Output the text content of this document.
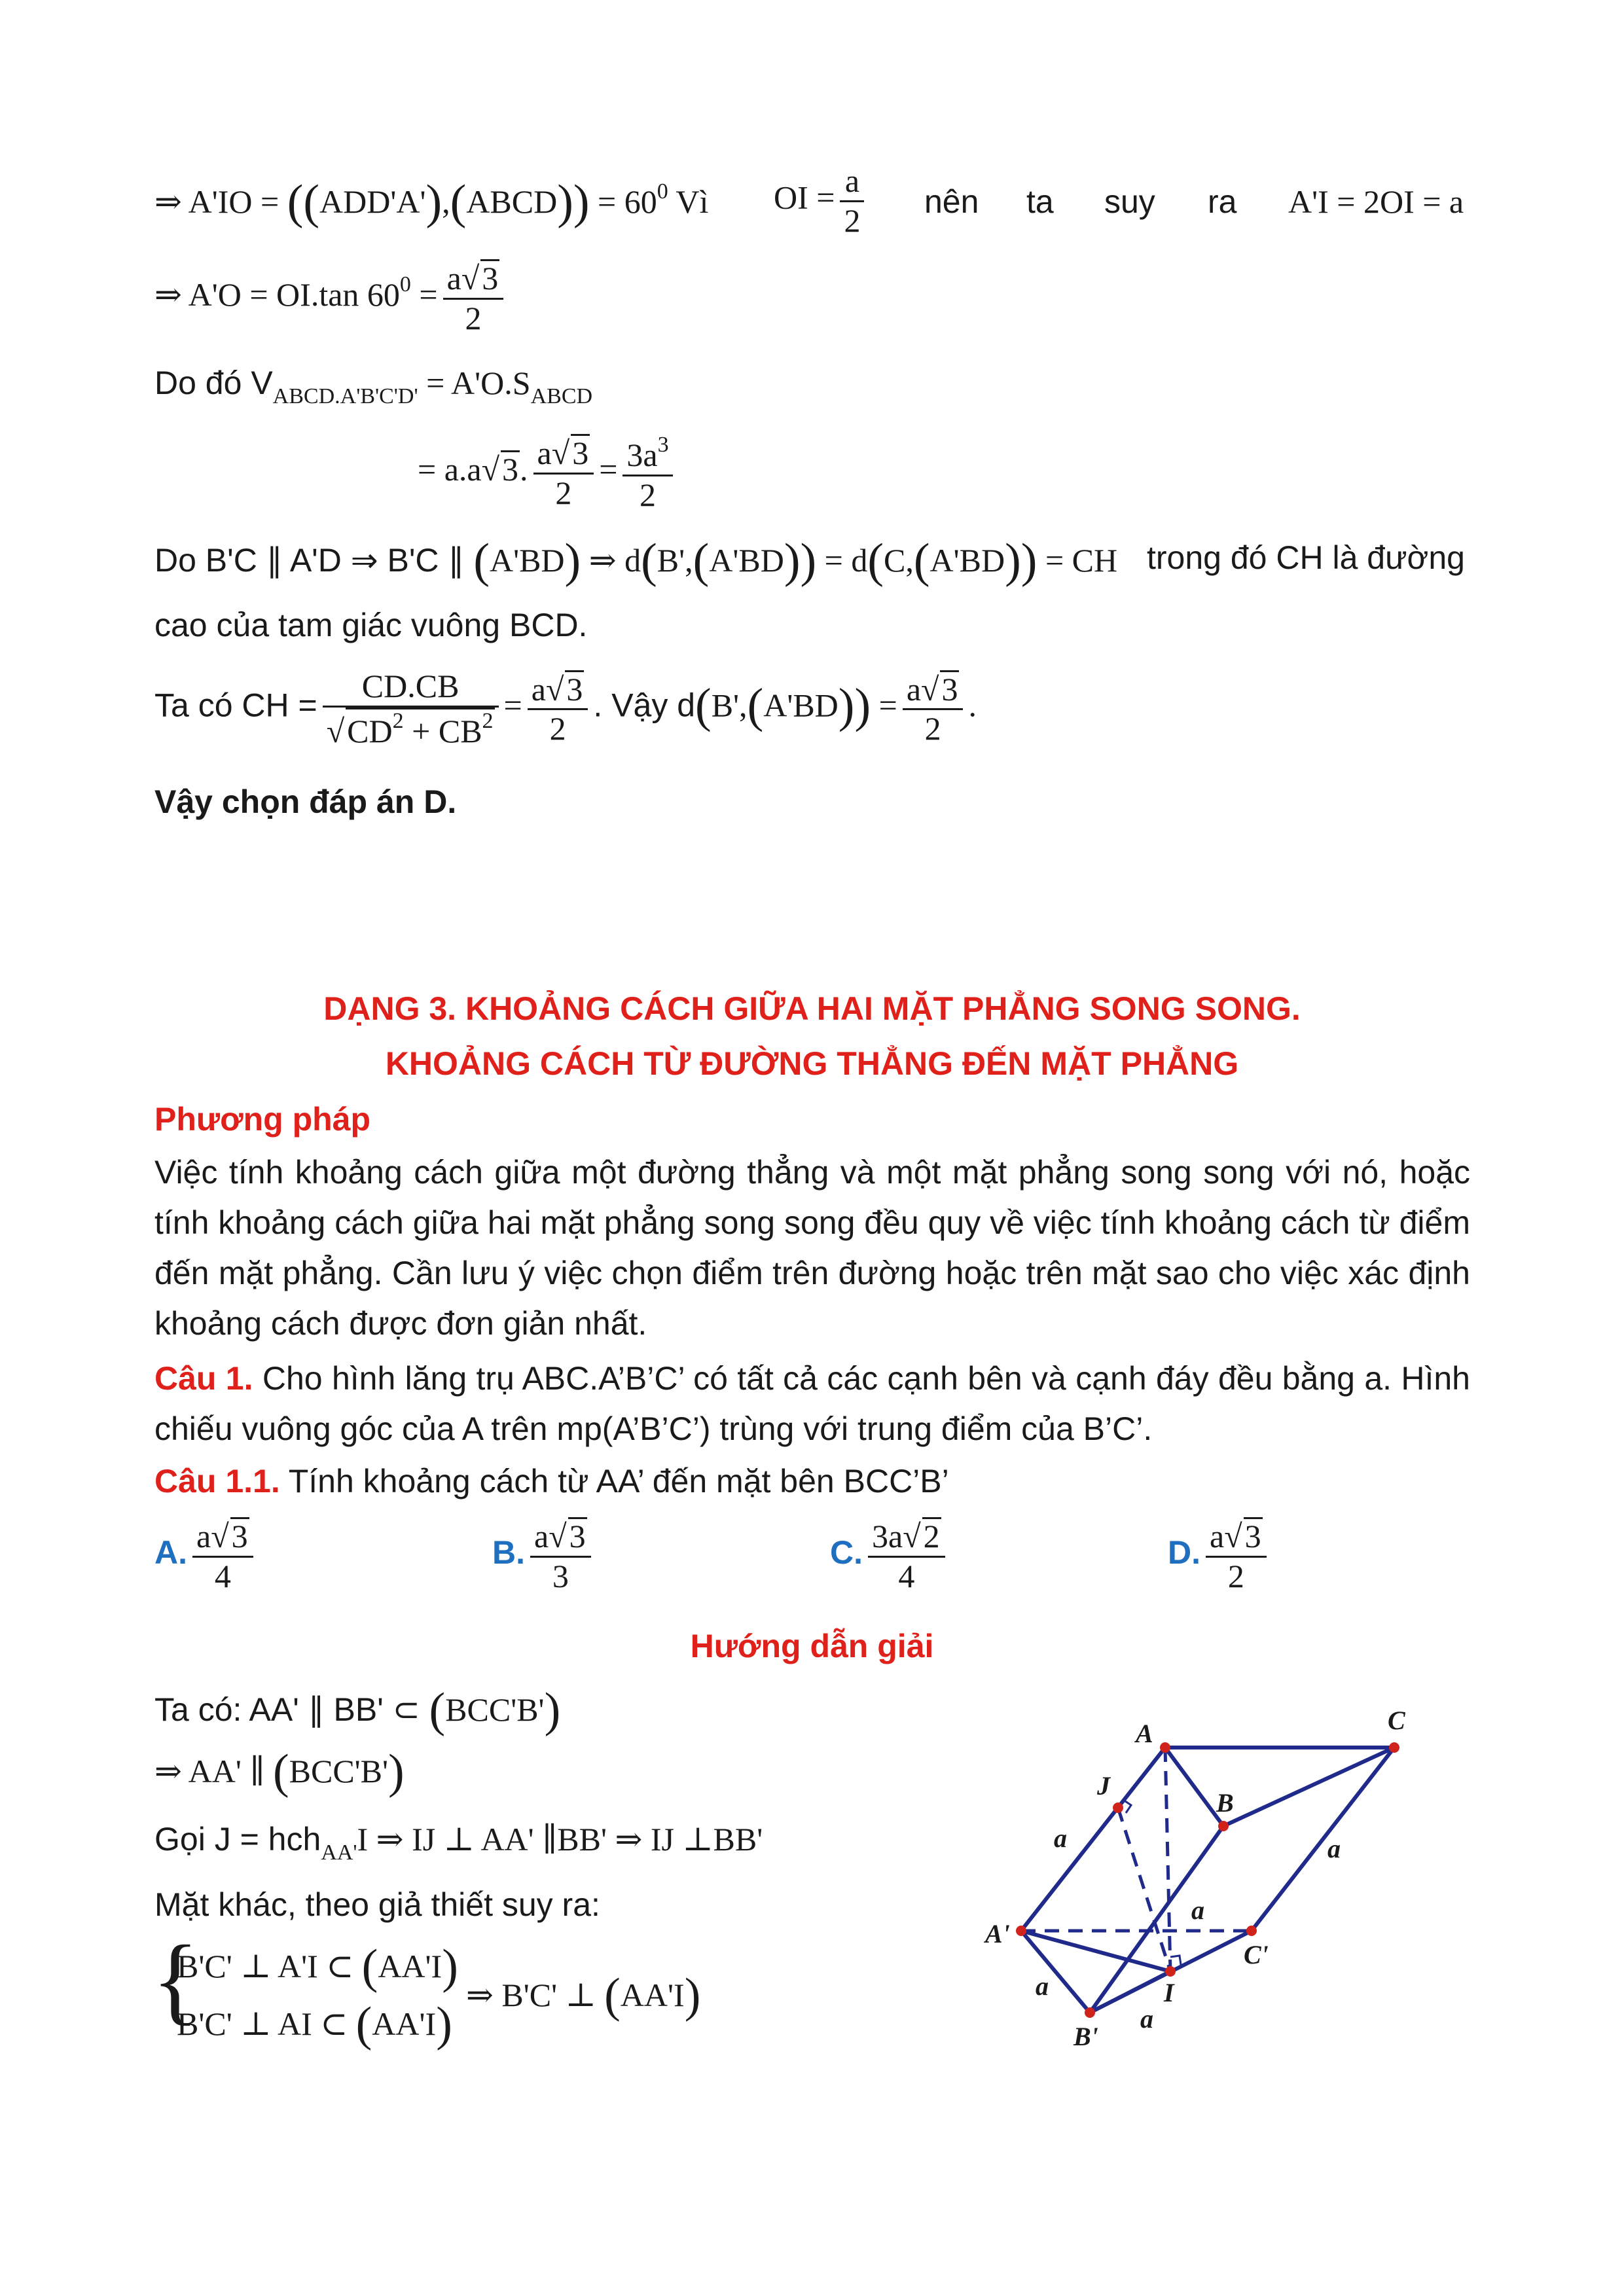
⇒ A'IO = ((ADD'A'),(ABCD)) = $60^0$ Vì OI = $\frac{a}{2}$ nên ta suy ra A'I = 2OI = a
⇒ A'O = OI.tan $60^0 = \frac{a√3}{2}$
Do đó $V_{ABCD.A'B'C'D'} = A'O.S_{ABCD}$
= a.a√3. $\frac{a√3}{2} = \frac{3a^3}{2}$
Do B'C ∥ A'D ⇒ B'C ∥ (A'BD) ⇒ d(B',(A'BD)) = d(C,(A'BD)) = CH trong đó CH là đường
cao của tam giác vuông BCD.
Ta có CH = $\frac{CD.CB}{√CD^2 + CB^2} = \frac{a√3}{2}$ . Vậy $d(B',(A'BD)) = \frac{a√3}{2}$ .
Vậy chọn đáp án D.
DẠNG 3. KHOẢNG CÁCH GIỮA HAI MẶT PHẲNG SONG SONG.
KHOẢNG CÁCH TỪ ĐƯỜNG THẲNG ĐẾN MẶT PHẲNG
Phương pháp
Việc tính khoảng cách giữa một đường thẳng và một mặt phẳng song song với nó, hoặc
tính khoảng cách giữa hai mặt phẳng song song đều quy về việc tính khoảng cách từ điểm
đến mặt phẳng. Cần lưu ý việc chọn điểm trên đường hoặc trên mặt sao cho việc xác định
khoảng cách được đơn giản nhất.
Câu 1. Cho hình lăng trụ ABC.A’B’C’ có tất cả các cạnh bên và cạnh đáy đều bằng a. Hình
chiếu vuông góc của A trên mp(A’B’C’) trùng với trung điểm của B’C’.
Câu 1.1. Tính khoảng cách từ AA’ đến mặt bên BCC’B’
A. $\frac{a√3}{4}$	B. $\frac{a√3}{3}$	C. $\frac{3a√2}{4}$	D. $\frac{a√3}{2}$
Hướng dẫn giải
Ta có: AA' ∥ BB' ⊂ (BCC'B')
⇒ AA' ∥ (BCC'B')
Gọi J = hch$_{AA'}$I ⇒ IJ ⊥ AA' ∥BB' ⇒ IJ ⊥BB'
Mặt khác, theo giả thiết suy ra:
{
B'C' ⊥ A'I ⊂ (AA'I)
B'C' ⊥ AI ⊂ (AA'I)
⇒ B'C' ⊥ (AA'I)
A
B
C
A'
B'
C'
I
J
a	a
a
a
a
